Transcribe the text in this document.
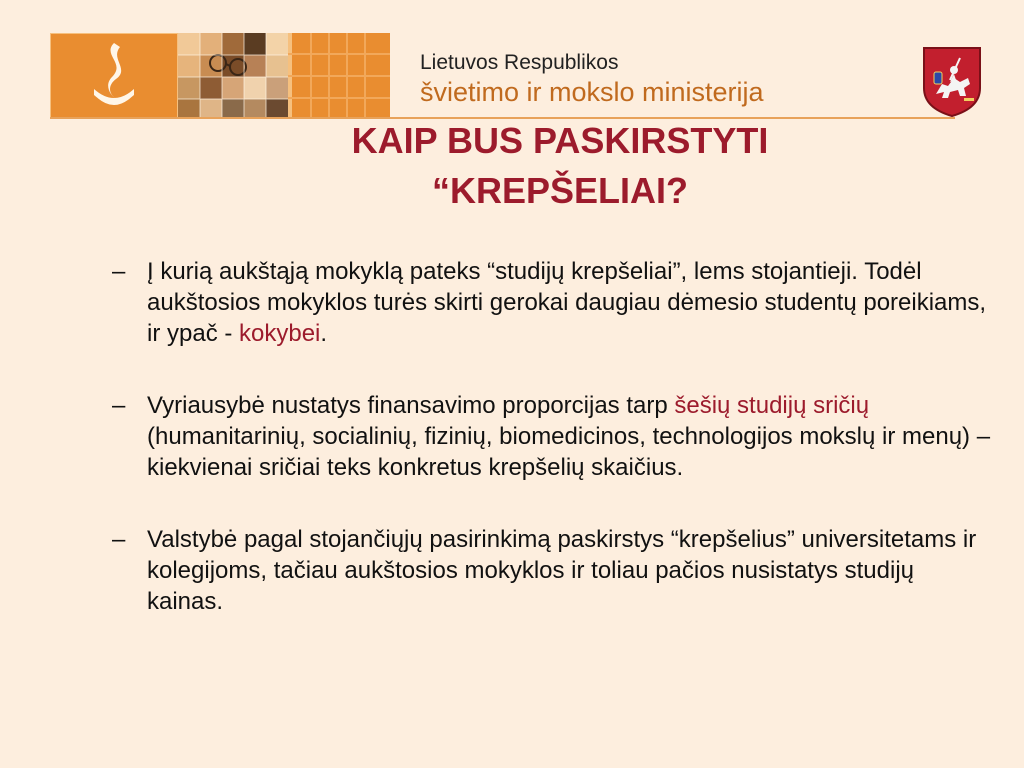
Lietuvos Respublikos
švietimo ir mokslo ministerija
KAIP BUS PASKIRSTYTI
“KREPŠELIAI?
– Į kurią aukštąją mokyklą pateks “studijų krepšeliai”, lems stojantieji. Todėl aukštosios mokyklos turės skirti gerokai daugiau dėmesio studentų poreikiams, ir ypač - kokybei.
– Vyriausybė nustatys finansavimo proporcijas tarp šešių studijų sričių (humanitarinių, socialinių, fizinių, biomedicinos, technologijos mokslų ir menų) – kiekvienai sričiai teks konkretus krepšelių skaičius.
– Valstybė pagal stojančiųjų pasirinkimą paskirstys “krepšelius” universitetams ir kolegijoms, tačiau aukštosios mokyklos ir toliau pačios nusistatys studijų kainas.
